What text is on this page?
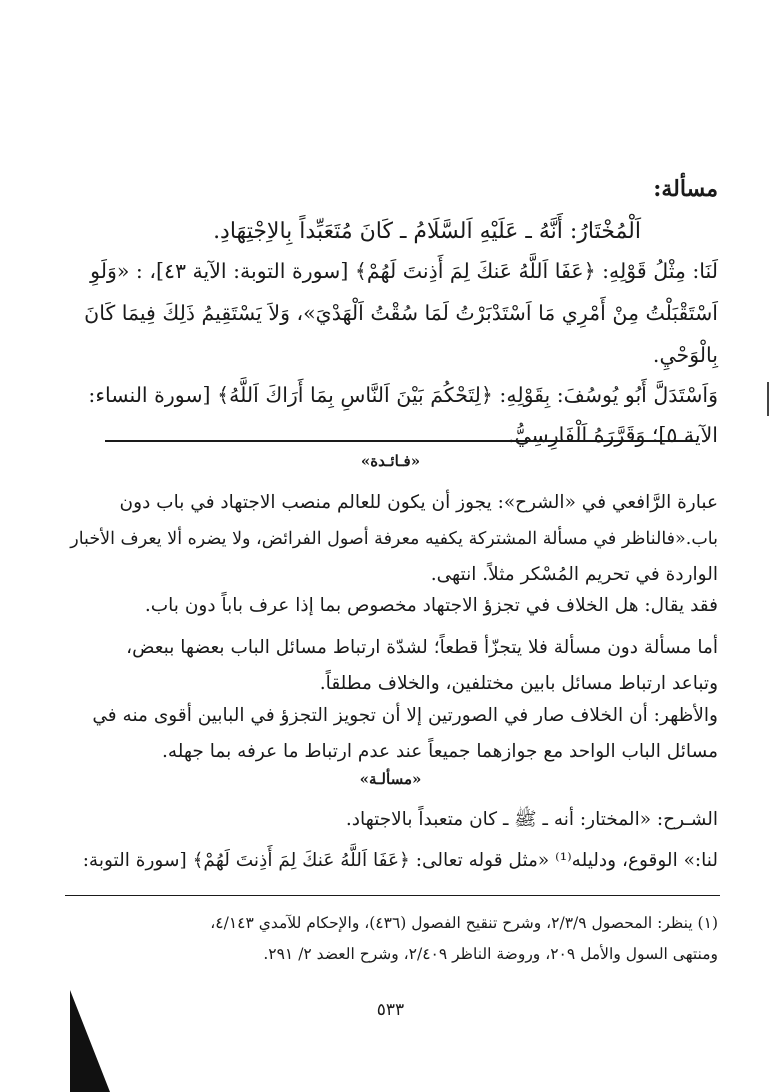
مسألة:
اَلْمُخْتَارُ: أَنَّهُ ـ عَلَيْهِ اَلسَّلَامُ ـ كَانَ مُتَعَبِّداً بِالاِجْتِهَادِ.
لَنَا: مِثْلُ قَوْلِهِ: ﴿عَفَا اَللَّهُ عَنكَ لِمَ أَذِنتَ لَهُمْ﴾ [سورة التوبة: الآية ٤٣]، : «وَلَوِ
اَسْتَقْبَلْتُ مِنْ أَمْرِي مَا اَسْتَدْبَرْتُ لَمَا سُقْتُ اَلْهَدْيَ»، وَلاَ يَسْتَقِيمُ ذَلِكَ فِيمَا كَانَ
بِالْوَحْيِ.
وَاَسْتَدَلَّ أَبُو يُوسُفَ: بِقَوْلِهِ: ﴿لِتَحْكُمَ بَيْنَ اَلنَّاسِ بِمَا أَرَاكَ اَللَّهُ﴾ [سورة النساء:
الآية ٥]؛ وَقَرَّرَهُ اَلْفَارِسِيُّ.
«فـائـدة»
عبارة الرَّافعي في «الشرح»: يجوز أن يكون للعالم منصب الاجتهاد في باب دون
باب.«فالناظر في مسألة المشتركة يكفيه معرفة أصول الفرائض، ولا يضره ألا يعرف الأخبار
الواردة في تحريم المُسْكر مثلاً. انتهى.
فقد يقال: هل الخلاف في تجزؤ الاجتهاد مخصوص بما إذا عرف باباً دون باب.
أما مسألة دون مسألة فلا يتجزّأ قطعاً؛ لشدّة ارتباط مسائل الباب بعضها ببعض،
وتباعد ارتباط مسائل بابين مختلفين، والخلاف مطلقاً.
والأظهر: أن الخلاف صار في الصورتين إلا أن تجويز التجزؤ في البابين أقوى منه في
مسائل الباب الواحد مع جوازهما جميعاً عند عدم ارتباط ما عرفه بما جهله.
«مسألـة»
الشـرح: «المختار: أنه ـ ﷺ ـ كان متعبداً بالاجتهاد.
لنا:» الوقوع، ودليله⁽¹⁾ «مثل قوله تعالى: ﴿عَفَا اَللَّهُ عَنكَ لِمَ أَذِنتَ لَهُمْ﴾ [سورة التوبة:
(١) ينظر: المحصول ٢/٣/٩، وشرح تنقيح الفصول (٤٣٦)، والإحكام للآمدي ٤/١٤٣،
ومنتهى السول والأمل ٢٠٩، وروضة الناظر ٢/٤٠٩، وشرح العضد ٢/ ٢٩١.
٥٣٣
